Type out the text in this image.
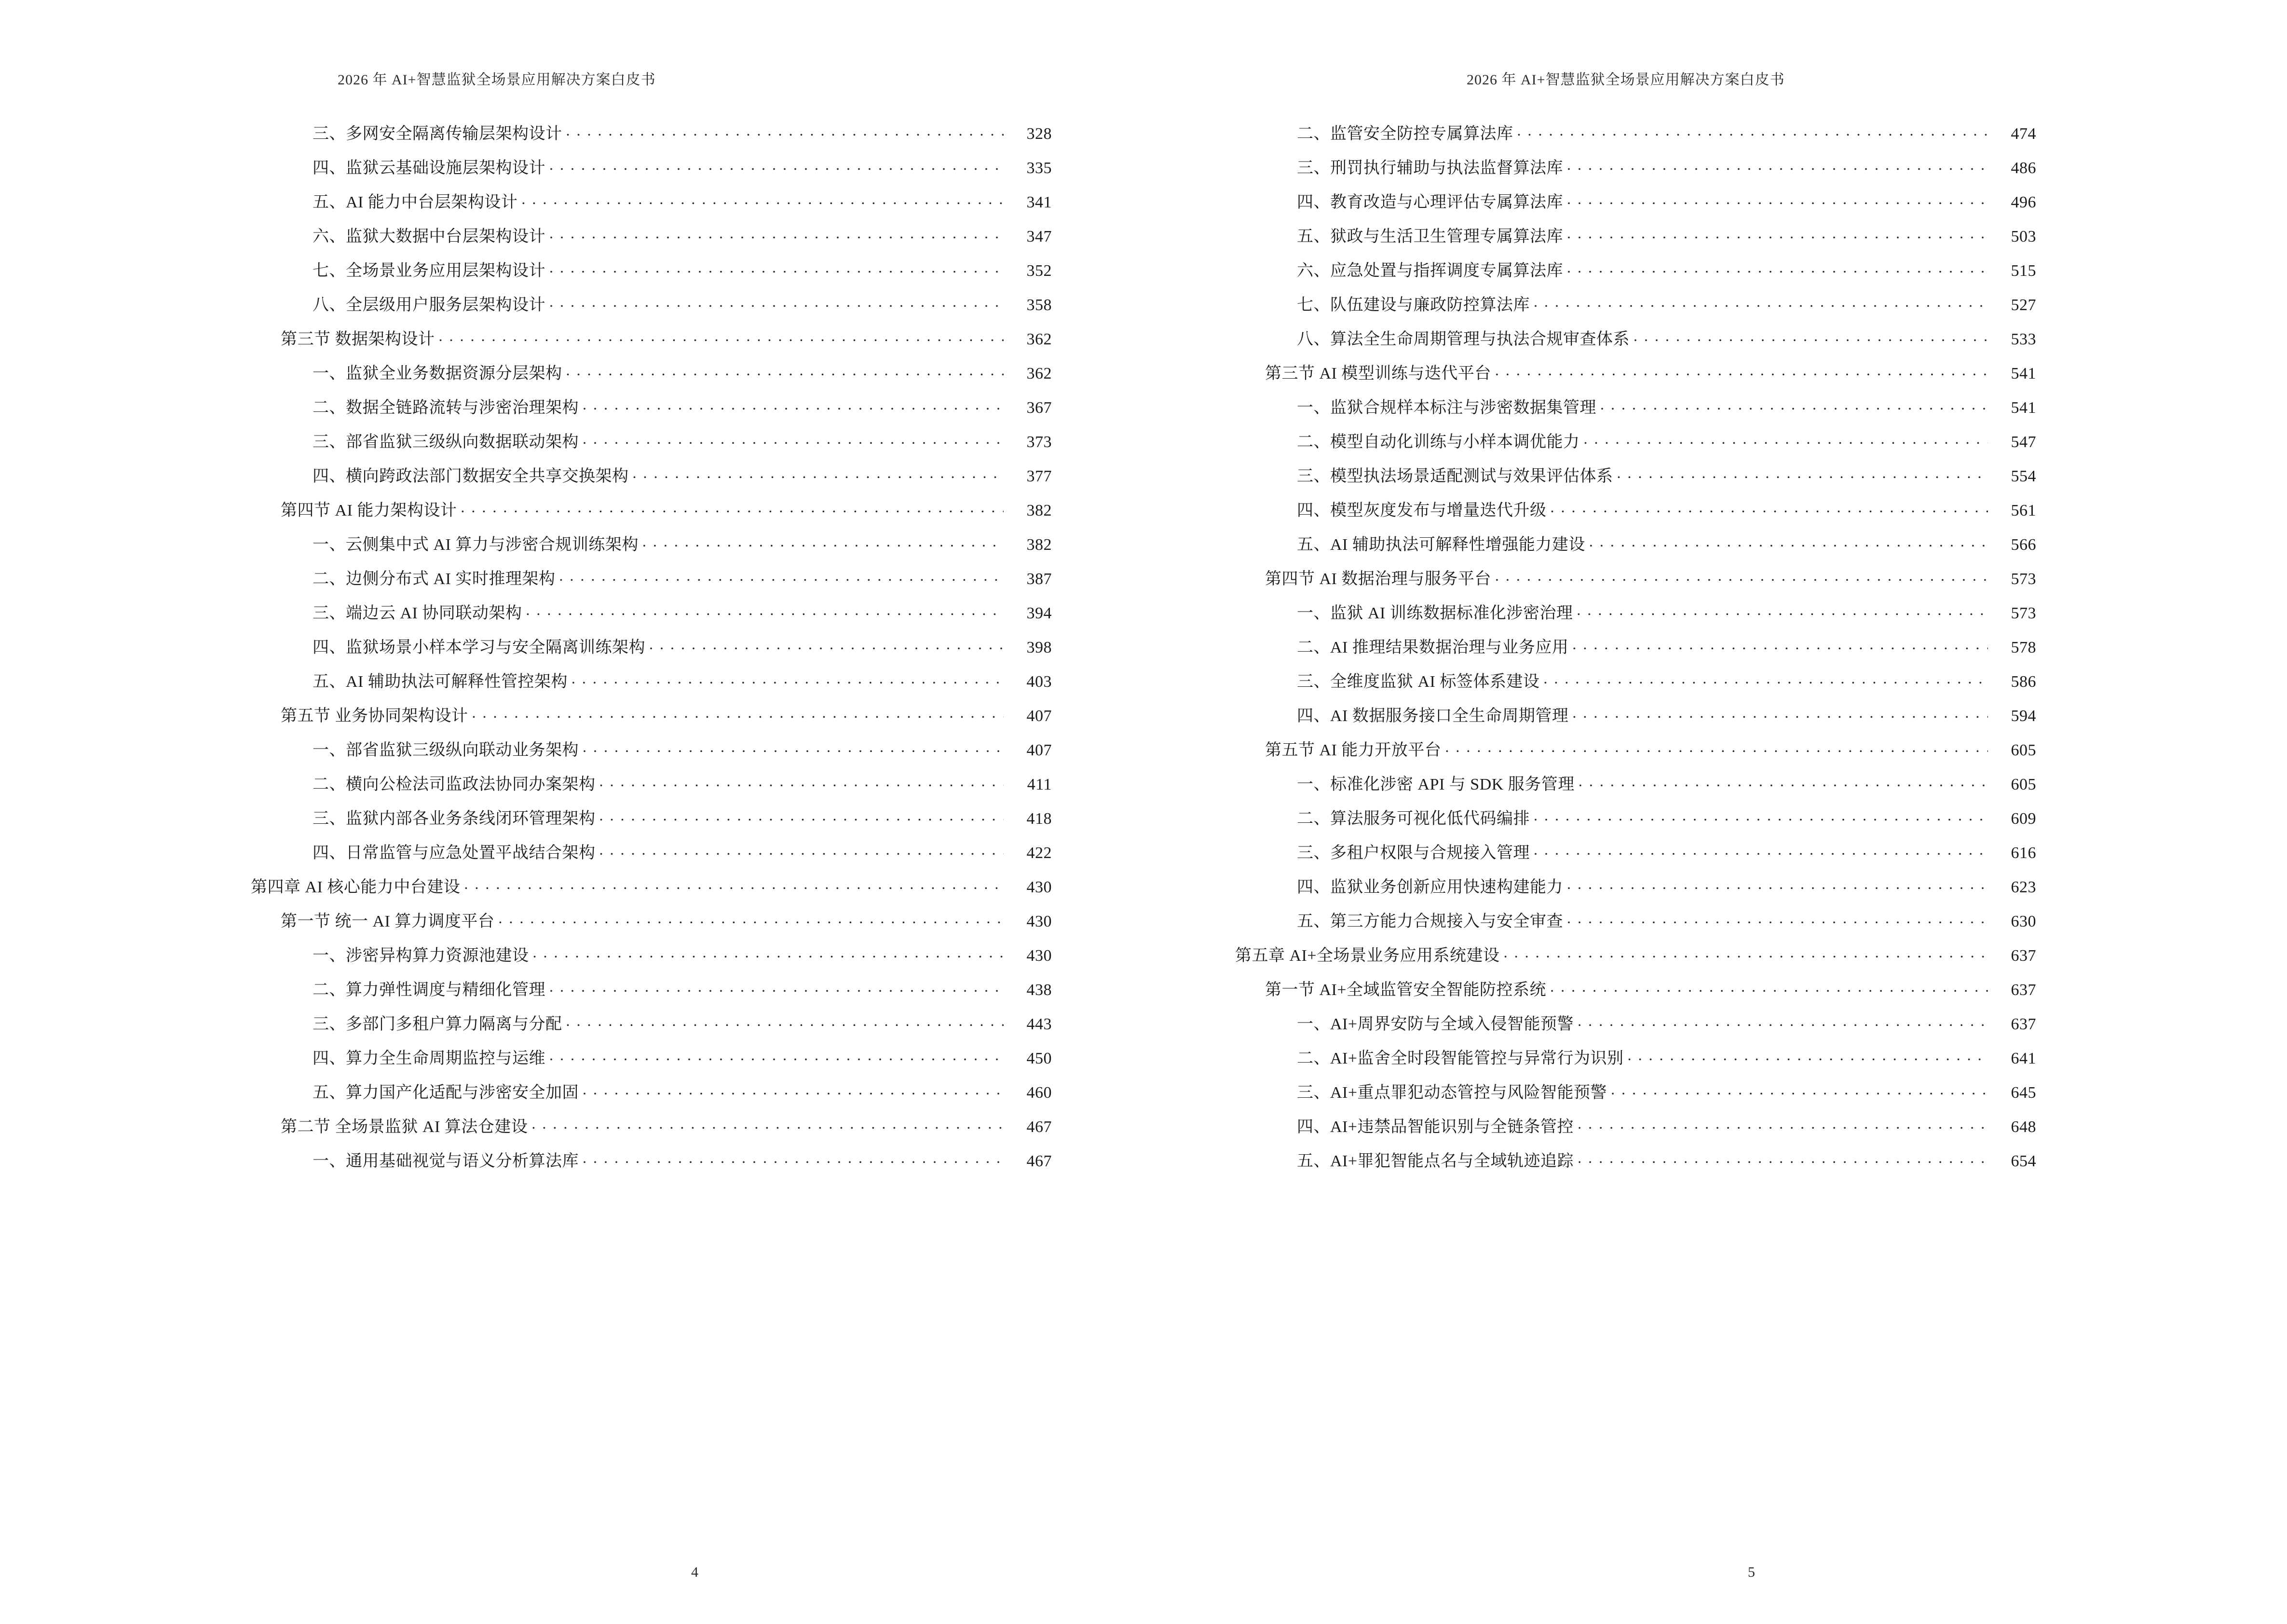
2026 年 AI+智慧监狱全场景应用解决方案白皮书
三、多网安全隔离传输层架构设计 . . .	328
四、监狱云基础设施层架构设计 . . .	335
五、AI 能力中台层架构设计 . . .	341
六、监狱大数据中台层架构设计 . . .	347
七、全场景业务应用层架构设计 . . .	352
八、全层级用户服务层架构设计 . . .	358
第三节 数据架构设计 . . .	362
一、监狱全业务数据资源分层架构 . . .	362
二、数据全链路流转与涉密治理架构 . . .	367
三、部省监狱三级纵向数据联动架构 . . .	373
四、横向跨政法部门数据安全共享交换架构 . . .	377
第四节 AI 能力架构设计 . . .	382
一、云侧集中式 AI 算力与涉密合规训练架构 . . .	382
二、边侧分布式 AI 实时推理架构 . . .	387
三、端边云 AI 协同联动架构 . . .	394
四、监狱场景小样本学习与安全隔离训练架构 . . .	398
五、AI 辅助执法可解释性管控架构 . . .	403
第五节 业务协同架构设计 . . .	407
一、部省监狱三级纵向联动业务架构 . . .	407
二、横向公检法司监政法协同办案架构 . . .	411
三、监狱内部各业务条线闭环管理架构 . . .	418
四、日常监管与应急处置平战结合架构 . . .	422
第四章 AI 核心能力中台建设 . . .	430
第一节 统一 AI 算力调度平台 . . .	430
一、涉密异构算力资源池建设 . . .	430
二、算力弹性调度与精细化管理 . . .	438
三、多部门多租户算力隔离与分配 . . .	443
四、算力全生命周期监控与运维 . . .	450
五、算力国产化适配与涉密安全加固 . . .	460
第二节 全场景监狱 AI 算法仓建设 . . .	467
一、通用基础视觉与语义分析算法库 . . .	467
4
2026 年 AI+智慧监狱全场景应用解决方案白皮书
二、监管安全防控专属算法库 . . .	474
三、刑罚执行辅助与执法监督算法库 . . .	486
四、教育改造与心理评估专属算法库 . . .	496
五、狱政与生活卫生管理专属算法库 . . .	503
六、应急处置与指挥调度专属算法库 . . .	515
七、队伍建设与廉政防控算法库 . . .	527
八、算法全生命周期管理与执法合规审查体系 . . .	533
第三节 AI 模型训练与迭代平台 . . .	541
一、监狱合规样本标注与涉密数据集管理 . . .	541
二、模型自动化训练与小样本调优能力 . . .	547
三、模型执法场景适配测试与效果评估体系 . . .	554
四、模型灰度发布与增量迭代升级 . . .	561
五、AI 辅助执法可解释性增强能力建设 . . .	566
第四节 AI 数据治理与服务平台 . . .	573
一、监狱 AI 训练数据标准化涉密治理 . . .	573
二、AI 推理结果数据治理与业务应用 . . .	578
三、全维度监狱 AI 标签体系建设 . . .	586
四、AI 数据服务接口全生命周期管理 . . .	594
第五节 AI 能力开放平台 . . .	605
一、标准化涉密 API 与 SDK 服务管理 . . .	605
二、算法服务可视化低代码编排 . . .	609
三、多租户权限与合规接入管理 . . .	616
四、监狱业务创新应用快速构建能力 . . .	623
五、第三方能力合规接入与安全审查 . . .	630
第五章 AI+全场景业务应用系统建设 . . .	637
第一节 AI+全域监管安全智能防控系统 . . .	637
一、AI+周界安防与全域入侵智能预警 . . .	637
二、AI+监舍全时段智能管控与异常行为识别 . . .	641
三、AI+重点罪犯动态管控与风险智能预警 . . .	645
四、AI+违禁品智能识别与全链条管控 . . .	648
五、AI+罪犯智能点名与全域轨迹追踪 . . .	654
5
